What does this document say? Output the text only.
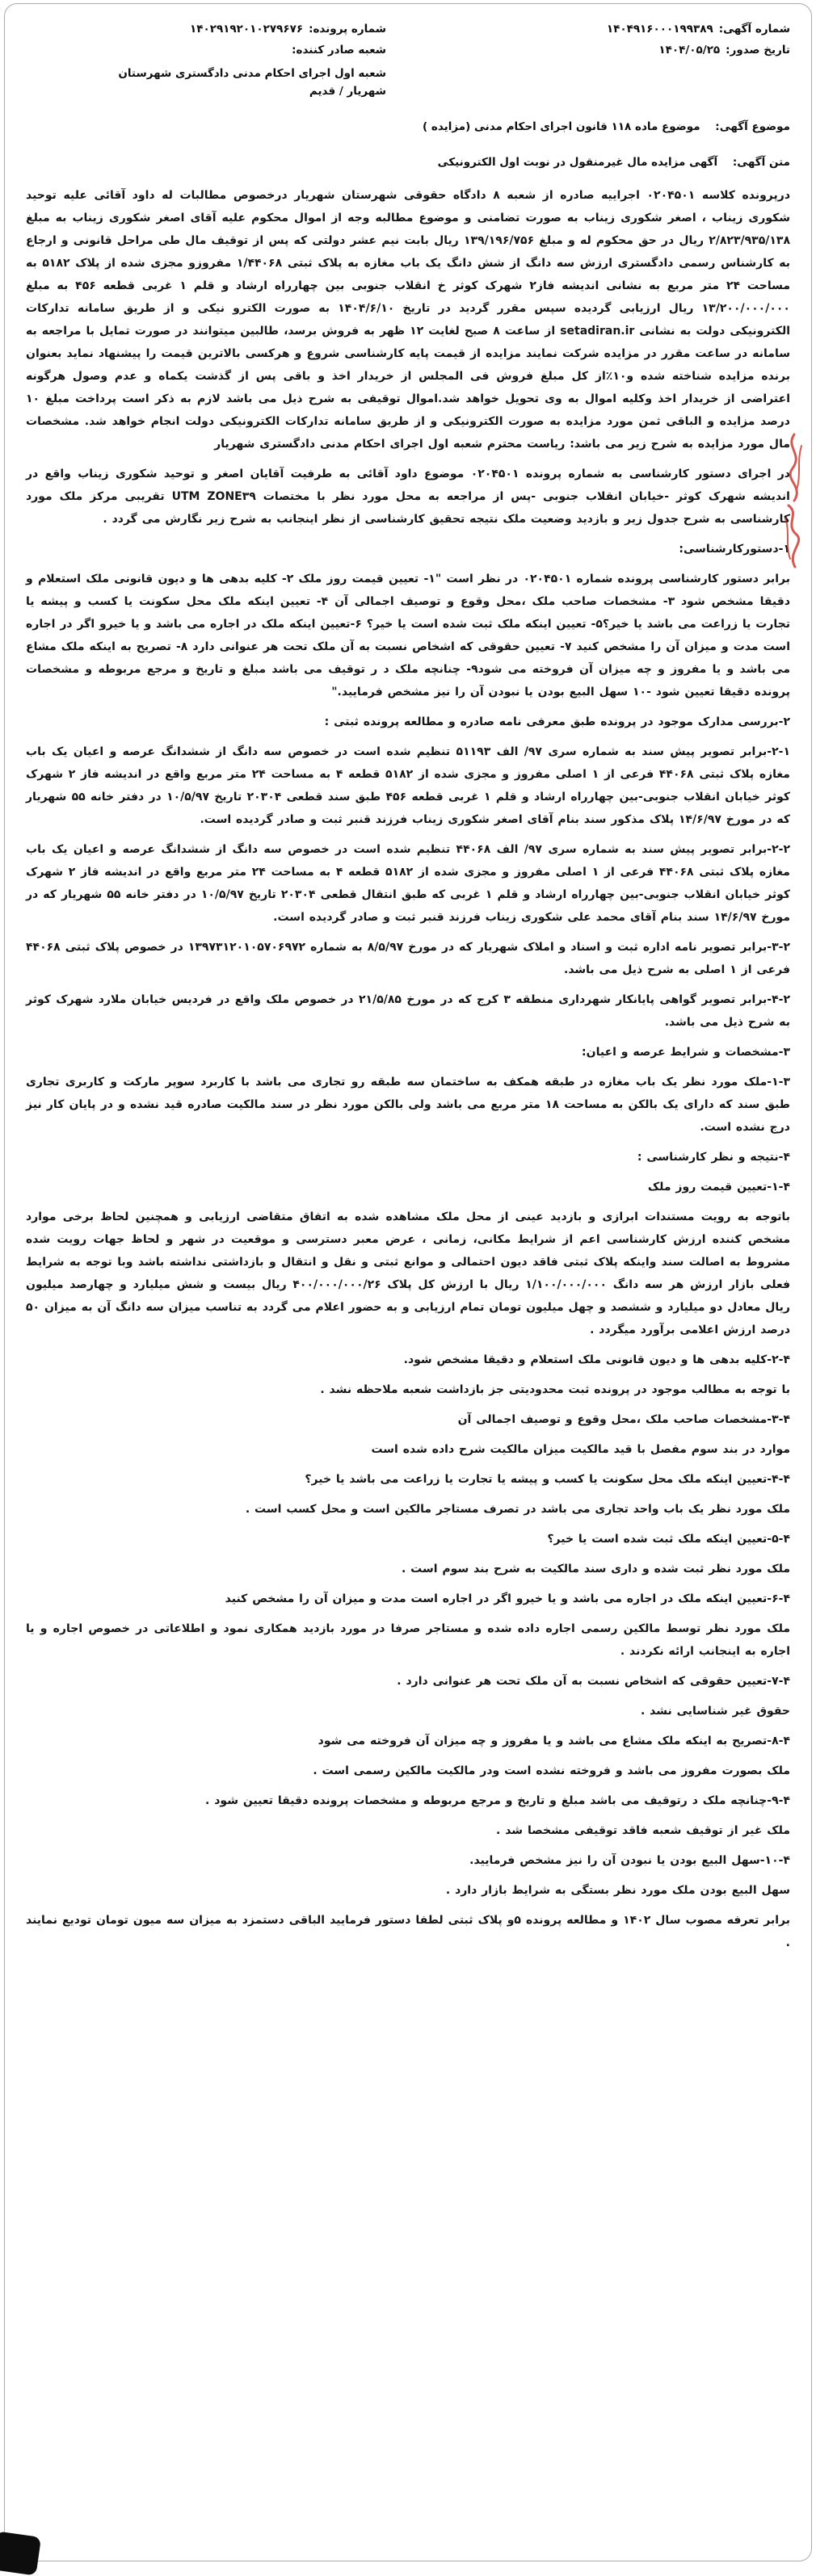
شماره آگهی:
۱۴۰۴۹۱۶۰۰۰۱۹۹۳۸۹
شماره پرونده:
۱۴۰۲۹۱۹۲۰۱۰۲۷۹۶۷۶
تاریخ صدور:
۱۴۰۴/۰۵/۲۵
شعبه صادر کننده:
شعبه اول اجرای احکام مدنی دادگستری شهرستان شهریار / قدیم
موضوع آگهی: موضوع ماده ۱۱۸ قانون اجرای احکام مدنی (مزایده )
متن آگهی: آگهی مزایده مال غیرمنقول در نوبت اول الکترونیکی

درپرونده کلاسه ۰۲۰۴۵۰۱ اجراییه صادره از شعبه ۸ دادگاه حقوقی شهرستان شهریار درخصوص مطالبات له داود آقائی علیه توحید شکوری زیناب ، اصغر شکوری زیناب به صورت تضامنی و موضوع مطالبه وجه از اموال محکوم علیه آقای اصغر شکوری زیناب به مبلغ ۲/۸۲۳/۹۳۵/۱۳۸ ریال در حق محکوم له و مبلغ ۱۳۹/۱۹۶/۷۵۶ ریال بابت نیم عشر دولتی که پس از توقیف مال طی مراحل قانونی و ارجاع به کارشناس رسمی دادگستری ارزش سه دانگ از شش دانگ یک باب مغازه به پلاک ثبتی ۱/۴۴۰۶۸ مفروزو مجزی شده از پلاک ۵۱۸۲ به مساحت ۲۴ متر مربع به نشانی اندیشه فاز۲ شهرک کوثر خ انقلاب جنوبی بین چهارراه ارشاد و قلم ۱ غربی قطعه ۴۵۶ به مبلغ ۱۳/۲۰۰/۰۰۰/۰۰۰ ریال ارزیابی گردیده سپس مقرر گردید در تاریخ ۱۴۰۴/۶/۱۰ به صورت الکترو نیکی و از طریق سامانه تدارکات الکترونیکی دولت به نشانی setadiran.ir از ساعت ۸ صبح لغایت ۱۲ ظهر به فروش برسد، طالبین میتوانند در صورت تمایل با مراجعه به سامانه در ساعت مقرر در مزایده شرکت نمایند مزایده از قیمت پایه کارشناسی شروع و هرکسی بالاترین قیمت را پیشنهاد نماید بعنوان برنده مزایده شناخته شده و۱۰٪از کل مبلغ فروش فی المجلس از خریدار اخذ و باقی پس از گذشت یکماه و عدم وصول هرگونه اعتراضی از خریدار اخذ وکلیه اموال به وی تحویل خواهد شد.اموال توقیفی به شرح ذیل می باشد لازم به ذکر است پرداخت مبلغ ۱۰ درصد مزایده و الباقی ثمن مورد مزایده به صورت الکترونیکی و از طریق سامانه تدارکات الکترونیکی دولت انجام خواهد شد. مشخصات مال مورد مزایده به شرح زیر می باشد: ریاست محترم شعبه اول اجرای احکام مدنی دادگستری شهریار

در اجرای دستور کارشناسی به شماره پرونده ۰۲۰۴۵۰۱ موضوع داود آقائی به طرفیت آقایان اصغر و توحید شکوری زیناب واقع در اندیشه شهرک کوثر -خیابان انقلاب جنوبی -پس از مراجعه به محل مورد نظر با مختصات UTM ZONE۳۹ تقریبی مرکز ملک مورد کارشناسی به شرح جدول زیر و بازدید وضعیت ملک نتیجه تحقیق کارشناسی از نظر اینجانب به شرح زیر نگارش می گردد .

۱-دستورکارشناسی:

برابر دستور کارشناسی پرونده شماره ۰۲۰۴۵۰۱ در نظر است "۱- تعیین قیمت روز ملک ۲- کلیه بدهی ها و دیون قانونی ملک استعلام و دقیقا مشخص شود ۳- مشخصات صاحب ملک ،محل وقوع و توصیف اجمالی آن ۴- تعیین اینکه ملک محل سکونت یا کسب و پیشه یا تجارت یا زراعت می باشد یا خیر؟۵- تعیین اینکه ملک ثبت شده است یا خیر؟ ۶-تعیین اینکه ملک در اجاره می باشد و یا خیرو اگر در اجاره است مدت و میزان آن را مشخص کنید ۷- تعیین حقوقی که اشخاص نسبت به آن ملک تحت هر عنوانی دارد ۸- تصریح به اینکه ملک مشاع می باشد و یا مفروز و چه میزان آن فروخته می شود۹- چنانچه ملک د ر توقیف می باشد مبلغ و تاریخ و مرجع مربوطه و مشخصات پرونده دقیقا تعیین شود -۱۰ سهل البیع بودن یا نبودن آن را نیز مشخص فرمایید."

۲-بررسی مدارک موجود در پرونده طبق معرفی نامه صادره و مطالعه پرونده ثبتی :

۲-۱-برابر تصویر پیش سند به شماره سری ۹۷/ الف ۵۱۱۹۳ تنظیم شده است در خصوص سه دانگ از ششدانگ عرصه و اعیان یک باب مغازه پلاک ثبتی ۴۴۰۶۸ فرعی از ۱ اصلی مفروز و مجزی شده از ۵۱۸۲ قطعه ۴ به مساحت ۲۴ متر مربع واقع در اندیشه فاز ۲ شهرک کوثر خیابان انقلاب جنوبی-بین چهارراه ارشاد و قلم ۱ غربی قطعه ۴۵۶ طبق سند قطعی ۲۰۳۰۴ تاریخ ۱۰/۵/۹۷ در دفتر خانه ۵۵ شهریار که در مورخ ۱۴/۶/۹۷ پلاک مذکور سند بنام آقای اصغر شکوری زیناب فرزند قنبر ثبت و صادر گردیده است.

۲-۲-برابر تصویر پیش سند به شماره سری ۹۷/ الف ۴۴۰۶۸ تنظیم شده است در خصوص سه دانگ از ششدانگ عرصه و اعیان یک باب مغازه پلاک ثبتی ۴۴۰۶۸ فرعی از ۱ اصلی مفروز و مجزی شده از ۵۱۸۲ قطعه ۴ به مساحت ۲۴ متر مربع واقع در اندیشه فاز ۲ شهرک کوثر خیابان انقلاب جنوبی-بین چهارراه ارشاد و قلم ۱ غربی که طبق انتقال قطعی ۲۰۳۰۴ تاریخ ۱۰/۵/۹۷ در دفتر خانه ۵۵ شهریار که در مورخ ۱۴/۶/۹۷ سند بنام آقای محمد علی شکوری زیناب فرزند قنبر ثبت و صادر گردیده است.

۳-۲-برابر تصویر نامه اداره ثبت و اسناد و املاک شهریار که در مورخ ۸/۵/۹۷ به شماره ۱۳۹۷۳۱۲۰۱۰۵۷۰۶۹۷۲ در خصوص پلاک ثبتی ۴۴۰۶۸ فرعی از ۱ اصلی به شرح ذیل می باشد.

۴-۲-برابر تصویر گواهی پایانکار شهرداری منطقه ۳ کرج که در مورخ ۲۱/۵/۸۵ در خصوص ملک واقع در فردیس خیابان ملارد شهرک کوثر به شرح ذیل می باشد.

۳-مشخصات و شرایط عرصه و اعیان:

۱-۳-ملک مورد نظر یک باب مغازه در طبقه همکف به ساختمان سه طبقه رو تجاری می باشد با کاربرد سوپر مارکت و کاربری تجاری طبق سند که دارای یک بالکن به مساحت ۱۸ متر مربع می باشد ولی بالکن مورد نظر در سند مالکیت صادره قید نشده و در پایان کار نیز درج نشده است.

۴-نتیجه و نظر کارشناسی :

۱-۴-تعیین قیمت روز ملک

باتوجه به رویت مستندات ابرازی و بازدید عینی از محل ملک مشاهده شده به اتفاق متقاضی ارزیابی و همچنین لحاظ برخی موارد مشخص کننده ارزش کارشناسی اعم از شرایط مکانی، زمانی ، عرض معبر دسترسی و موقعیت در شهر و لحاظ جهات رویت شده مشروط به اصالت سند واینکه پلاک ثبتی فاقد دیون احتمالی و موانع ثبتی و نقل و انتقال و بازداشتی نداشته باشد وبا توجه به شرایط فعلی بازار ارزش هر سه دانگ ۱/۱۰۰/۰۰۰/۰۰۰ ریال با ارزش کل پلاک ۴۰۰/۰۰۰/۰۰۰/۲۶ ریال بیست و شش میلیارد و چهارصد میلیون ریال معادل دو میلیارد و ششصد و چهل میلیون تومان تمام ارزیابی و به حضور اعلام می گردد به تناسب میزان سه دانگ آن به میزان ۵۰ درصد ارزش اعلامی برآورد میگردد .

۲-۴-کلیه بدهی ها و دیون قانونی ملک استعلام و دقیقا مشخص شود.

با توجه به مطالب موجود در پرونده ثبت محدودیتی جز بازداشت شعبه ملاحظه نشد .

۳-۴-مشخصات صاحب ملک ،محل وقوع و توصیف اجمالی آن

موارد در بند سوم مفصل با قید مالکیت میزان مالکیت شرح داده شده است

۴-۴-تعیین اینکه ملک محل سکونت یا کسب و پیشه یا تجارت یا زراعت می باشد یا خیر؟

ملک مورد نظر یک باب واحد تجاری می باشد در تصرف مستاجر مالکین است و محل کسب است .

۵-۴-تعیین اینکه ملک ثبت شده است یا خیر؟

ملک مورد نظر ثبت شده و داری سند مالکیت به شرح بند سوم است .

۶-۴-تعیین اینکه ملک در اجاره می باشد و یا خیرو اگر در اجاره است مدت و میزان آن را مشخص کنید

ملک مورد نظر توسط مالکین رسمی اجاره داده شده و مستاجر صرفا در مورد بازدید همکاری نمود و اطلاعاتی در خصوص اجاره و یا اجاره به اینجانب ارائه نکردند .

۷-۴-تعیین حقوقی که اشخاص نسبت به آن ملک تحت هر عنوانی دارد .

حقوق غیر شناسایی نشد .

۸-۴-تصریح به اینکه ملک مشاع می باشد و یا مفروز و چه میزان آن فروخته می شود

ملک بصورت مفروز می باشد و فروخته نشده است ودر مالکیت مالکین رسمی است .

۹-۴-چنانچه ملک د رتوقیف می باشد مبلغ و تاریخ و مرجع مربوطه و مشخصات پرونده دقیقا تعیین شود .

ملک غیر از توقیف شعبه فاقد توقیفی مشخصا شد .

۱۰-۴-سهل البیع بودن یا نبودن آن را نیز مشخص فرمایید.

سهل البیع بودن ملک مورد نظر بستگی به شرایط بازار دارد .

برابر تعرفه مصوب سال ۱۴۰۲ و مطالعه پرونده ۵و پلاک ثبتی لطفا دستور فرمایید الباقی دستمزد به میزان سه میون تومان تودیع نمایند .
